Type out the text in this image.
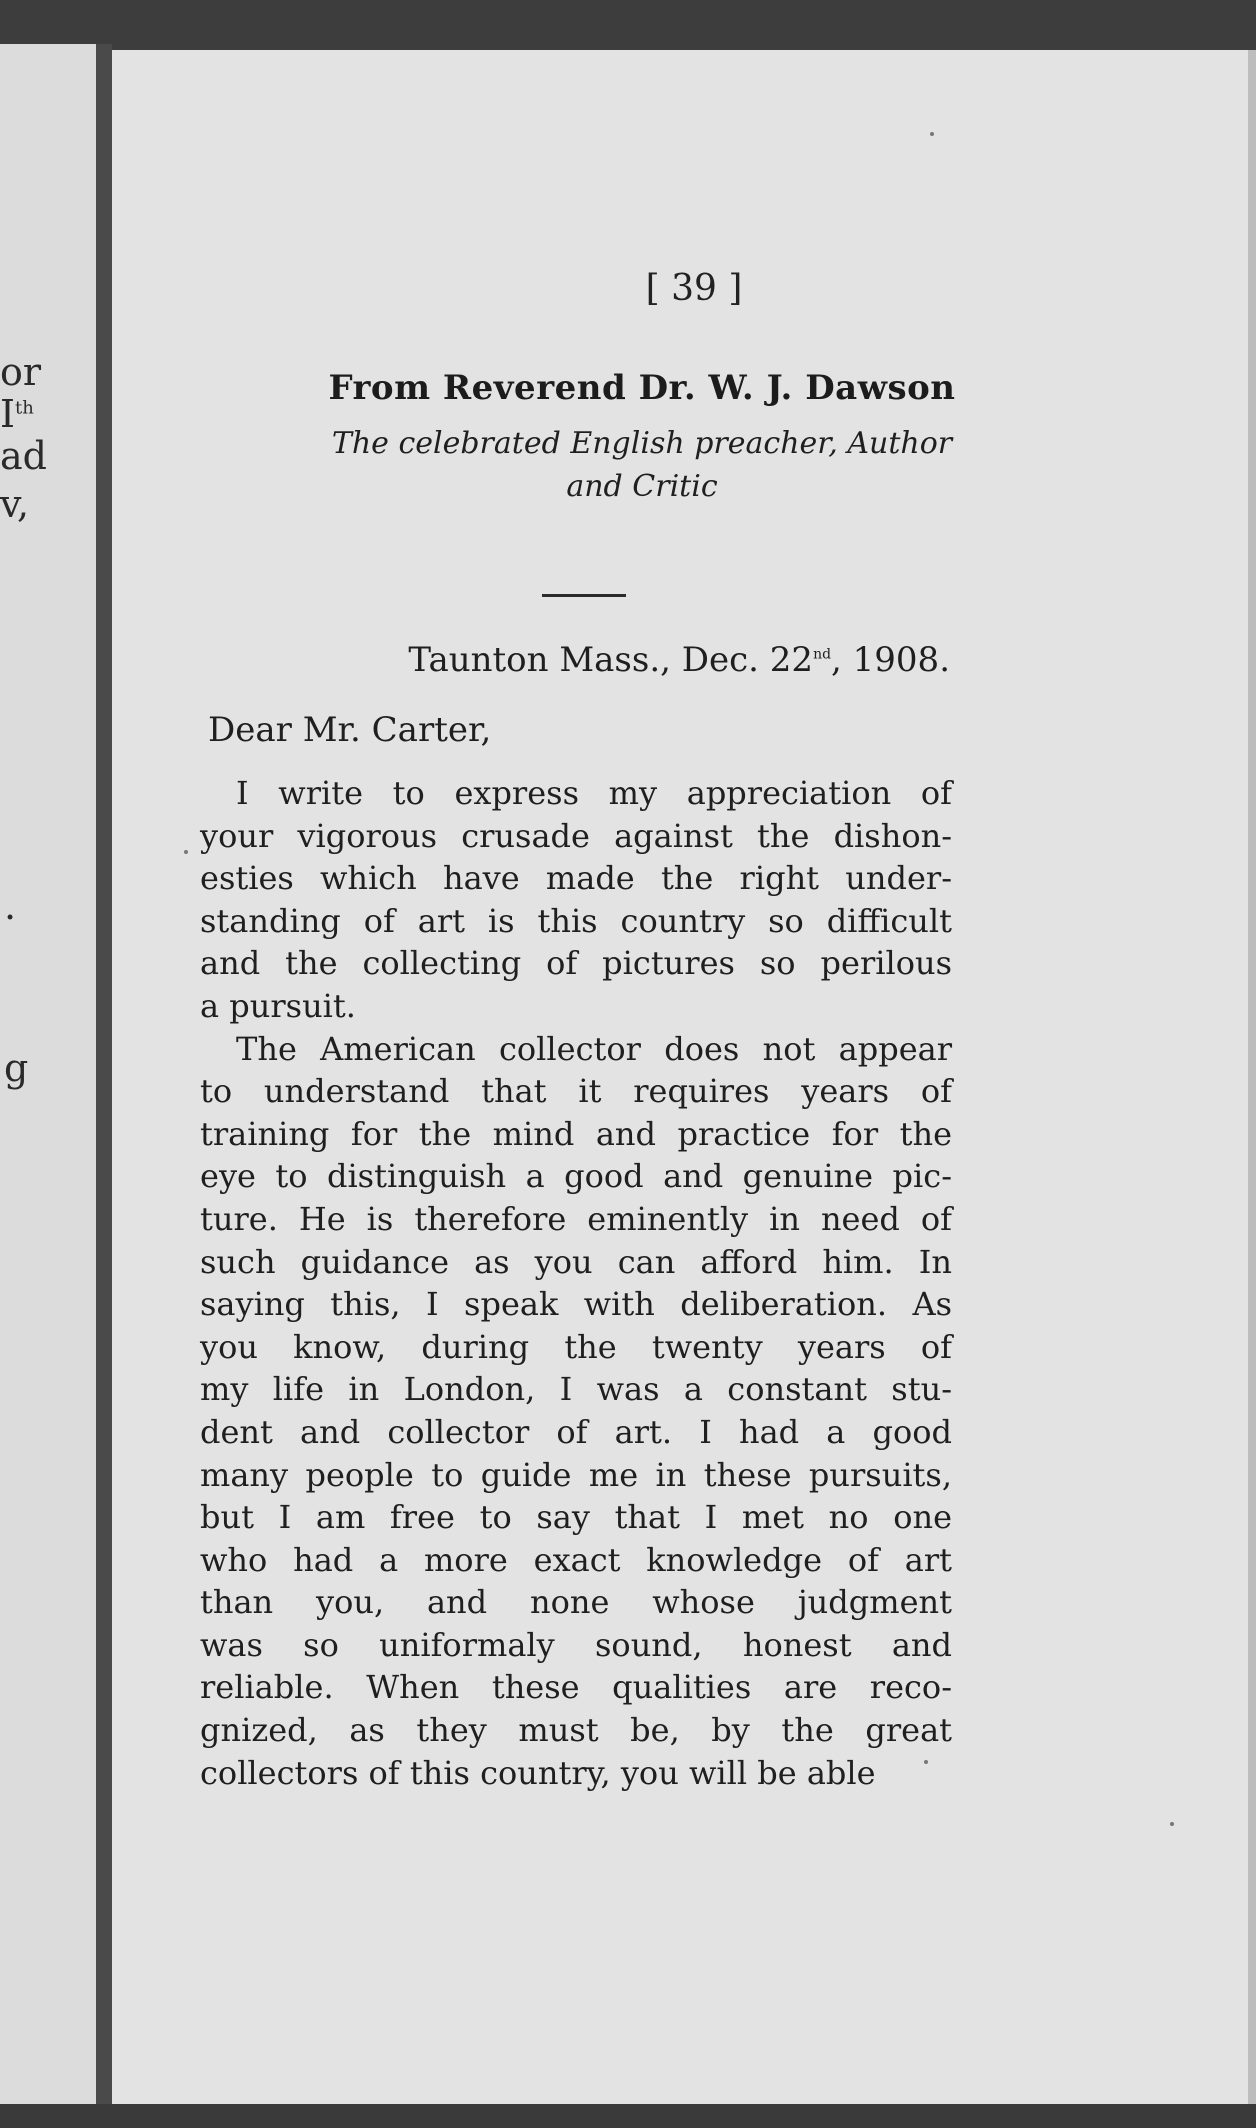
or
Ith
ad
v,
.
g
[ 39 ]
From Reverend Dr. W. J. Dawson
The celebrated English preacher, Author
and Critic
Taunton Mass., Dec. 22nd, 1908.
Dear Mr. Carter,
I write to express my appreciation of
your vigorous crusade against the dishon-
esties which have made the right under-
standing of art is this country so difficult
and the collecting of pictures so perilous
a pursuit.
The American collector does not appear
to understand that it requires years of
training for the mind and practice for the
eye to distinguish a good and genuine pic-
ture. He is therefore eminently in need of
such guidance as you can afford him. In
saying this, I speak with deliberation. As
you know, during the twenty years of
my life in London, I was a constant stu-
dent and collector of art. I had a good
many people to guide me in these pursuits,
but I am free to say that I met no one
who had a more exact knowledge of art
than you, and none whose judgment
was so uniformaly sound, honest and
reliable. When these qualities are reco-
gnized, as they must be, by the great
collectors of this country, you will be able
